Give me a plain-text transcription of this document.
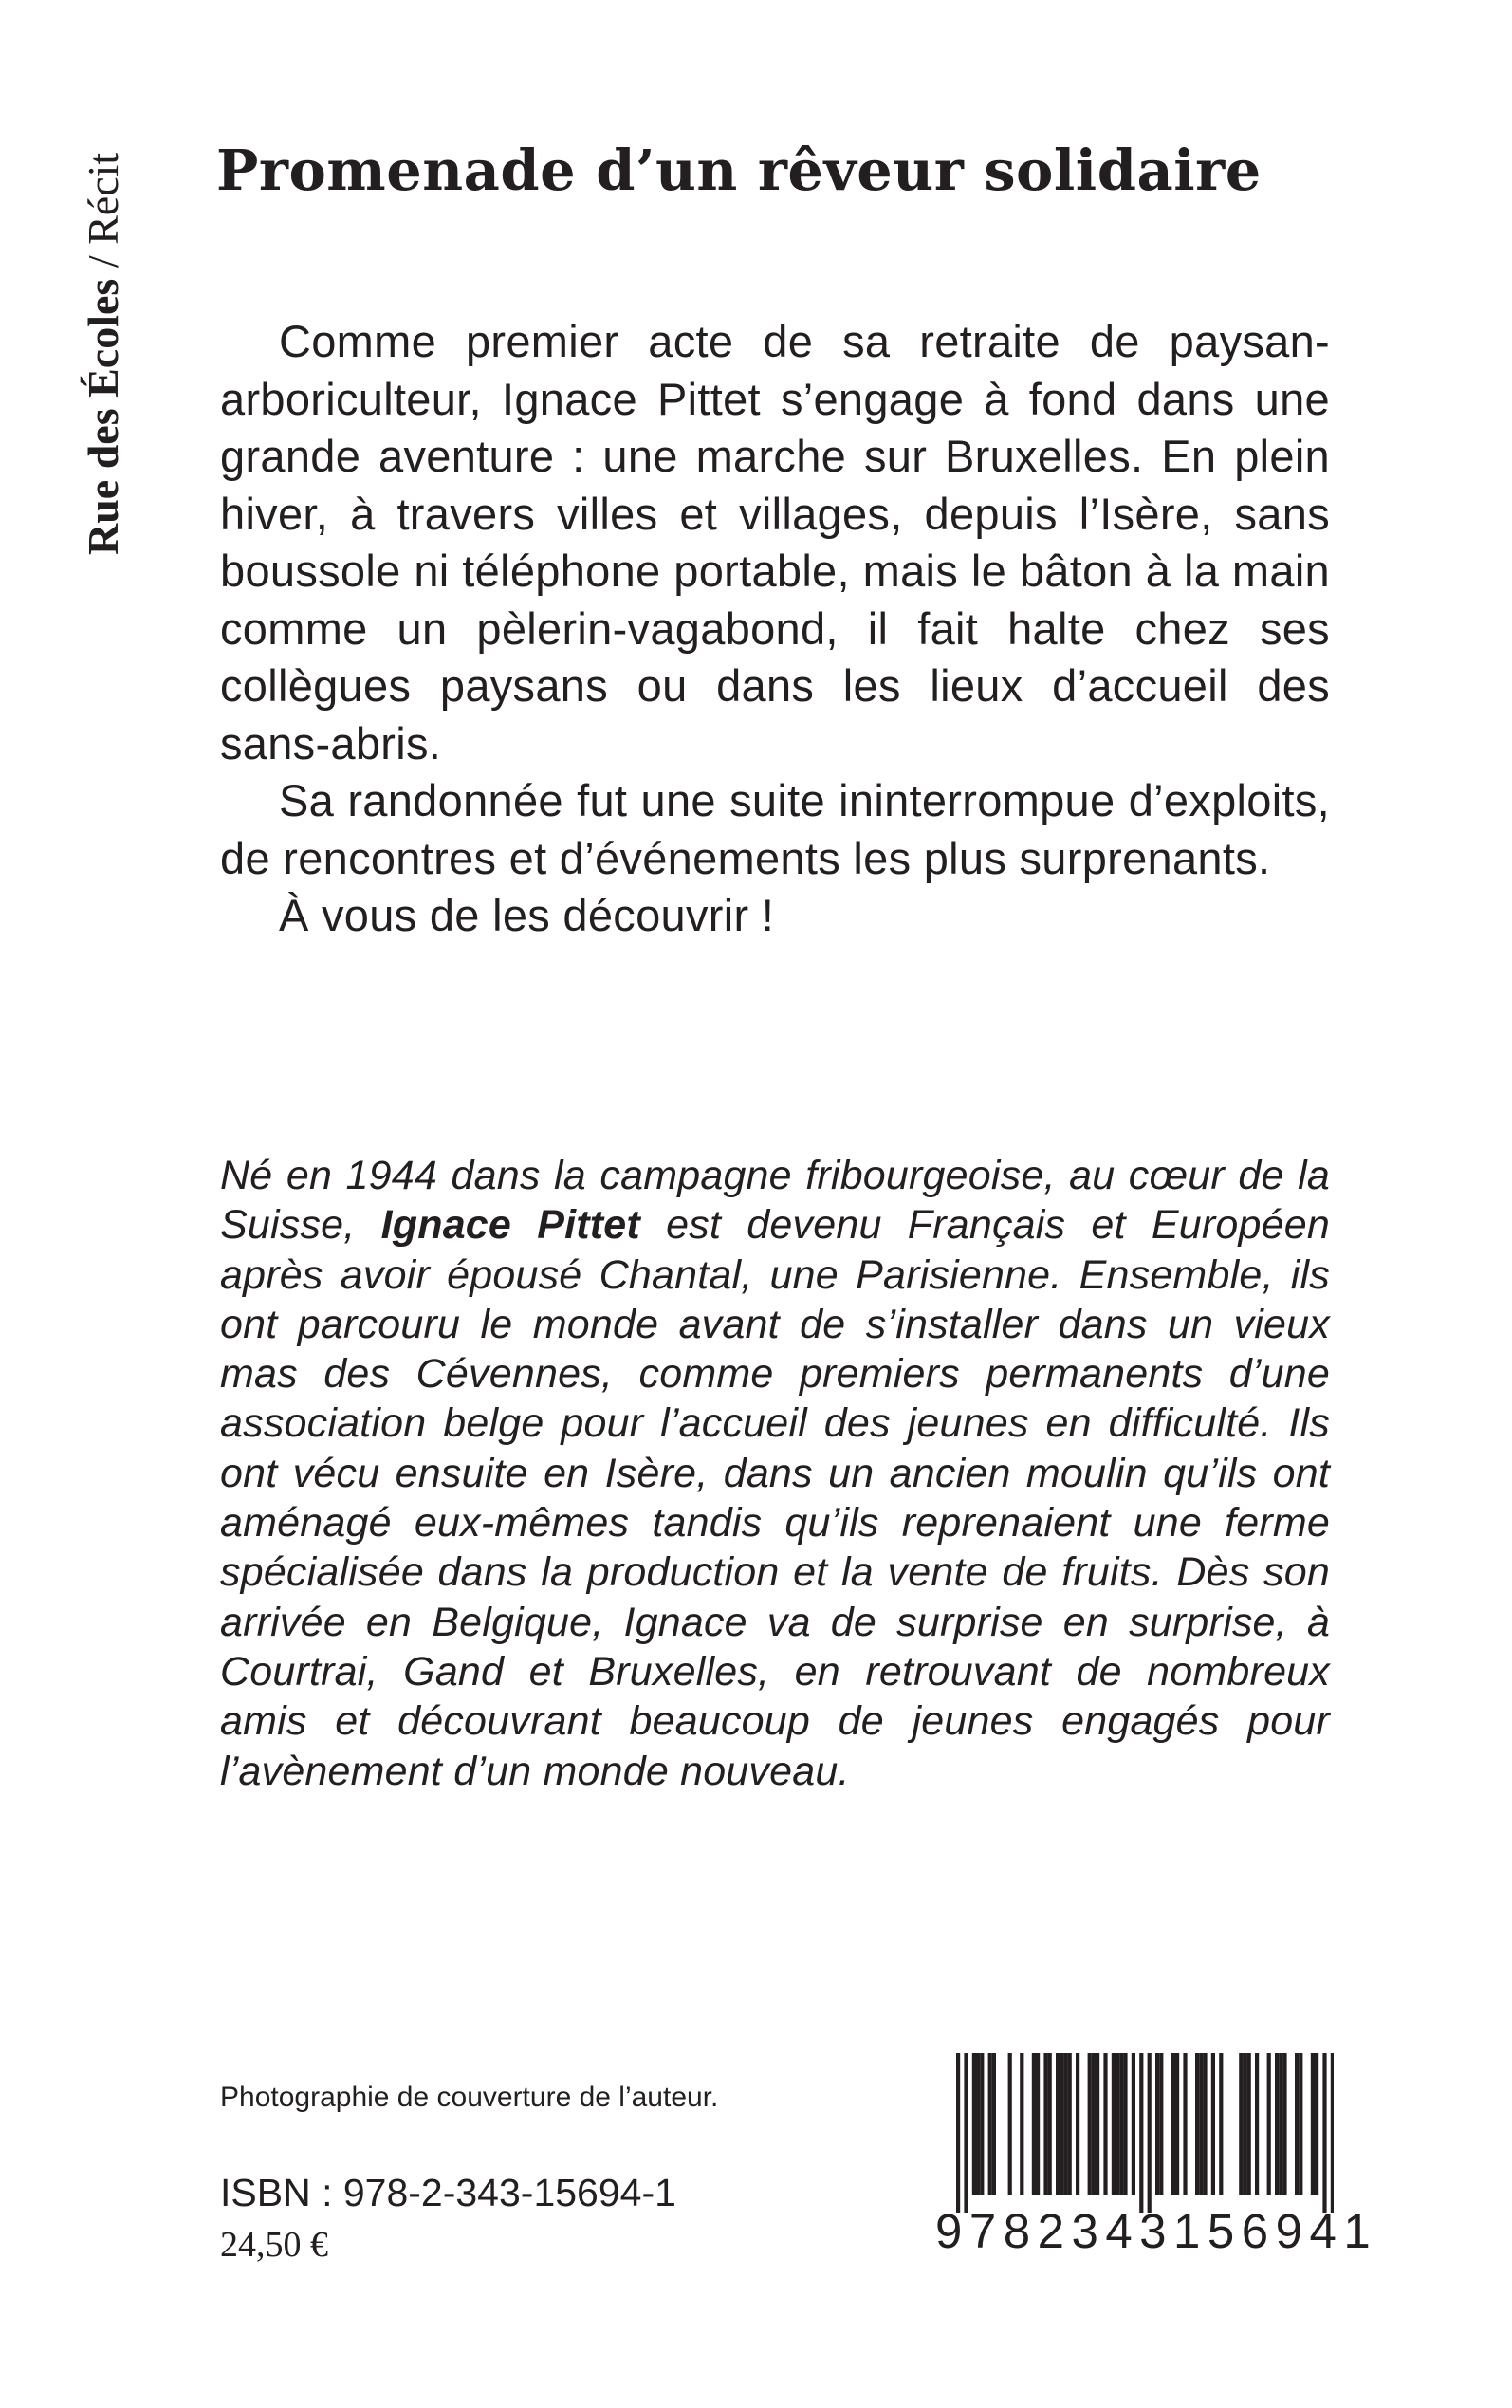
Rue des Écoles / Récit Promenade d’un rêveur solidaire

Comme premier acte de sa retraite de paysan-arboriculteur, Ignace Pittet s’engage à fond dans une grande aventure : une marche sur Bruxelles. En plein hiver, à travers villes et villages, depuis l’Isère, sans boussole ni téléphone portable, mais le bâton à la main comme un pèlerin-vagabond, il fait halte chez ses collègues paysans ou dans les lieux d’accueil des sans-abris.

Sa randonnée fut une suite ininterrompue d’exploits, de rencontres et d’événements les plus surprenants.

À vous de les découvrir !

Né en 1944 dans la campagne fribourgeoise, au cœur de la Suisse, Ignace Pittet est devenu Français et Européen après avoir épousé Chantal, une Parisienne. Ensemble, ils ont parcouru le monde avant de s’installer dans un vieux mas des Cévennes, comme premiers permanents d’une association belge pour l’accueil des jeunes en difficulté. Ils ont vécu ensuite en Isère, dans un ancien moulin qu’ils ont aménagé eux-mêmes tandis qu’ils reprenaient une ferme spécialisée dans la production et la vente de fruits. Dès son arrivée en Belgique, Ignace va de surprise en surprise, à Courtrai, Gand et Bruxelles, en retrouvant de nombreux amis et découvrant beaucoup de jeunes engagés pour l’avènement d’un monde nouveau.

Photographie de couverture de l’auteur.
ISBN : 978-2-343-15694-1
24,50 €	9782343156941
